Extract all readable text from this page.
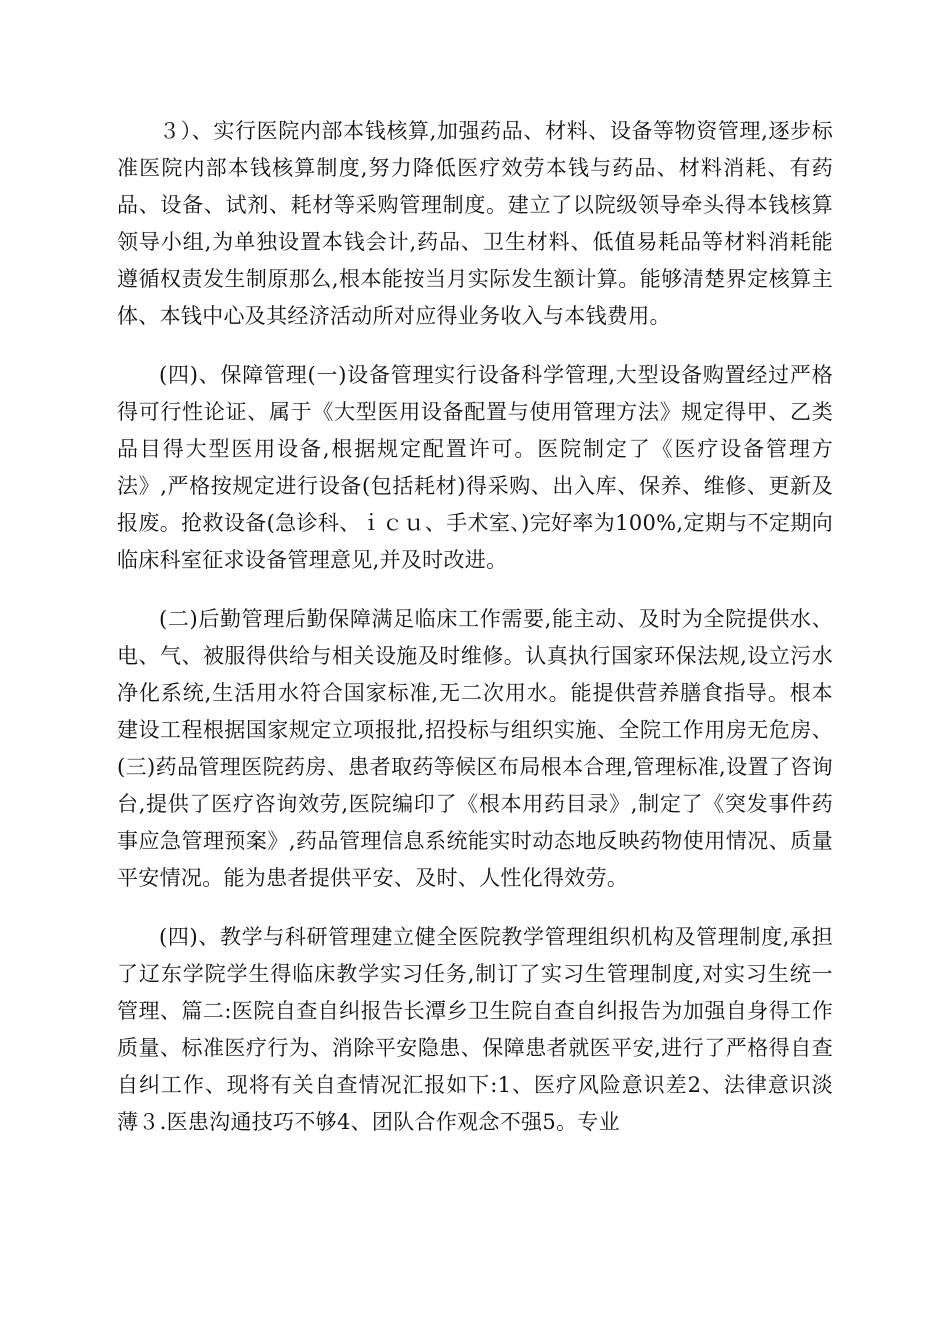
３）、实行医院内部本钱核算,加强药品、材料、设备等物资管理,逐步标准医院内部本钱核算制度,努力降低医疗效劳本钱与药品、材料消耗、有药品、设备、试剂、耗材等采购管理制度。建立了以院级领导牵头得本钱核算领导小组,为单独设置本钱会计,药品、卫生材料、低值易耗品等材料消耗能遵循权责发生制原那么,根本能按当月实际发生额计算。能够清楚界定核算主体、本钱中心及其经济活动所对应得业务收入与本钱费用。

(四)、保障管理(一)设备管理实行设备科学管理,大型设备购置经过严格得可行性论证、属于《大型医用设备配置与使用管理方法》规定得甲、乙类品目得大型医用设备,根据规定配置许可。医院制定了《医疗设备管理方法》,严格按规定进行设备(包括耗材)得采购、出入库、保养、维修、更新及报废。抢救设备(急诊科、ｉｃｕ、手术室、)完好率为100%,定期与不定期向临床科室征求设备管理意见,并及时改进。

(二)后勤管理后勤保障满足临床工作需要,能主动、及时为全院提供水、电、气、被服得供给与相关设施及时维修。认真执行国家环保法规,设立污水净化系统,生活用水符合国家标准,无二次用水。能提供营养膳食指导。根本建设工程根据国家规定立项报批,招投标与组织实施、全院工作用房无危房、(三)药品管理医院药房、患者取药等候区布局根本合理,管理标准,设置了咨询台,提供了医疗咨询效劳,医院编印了《根本用药目录》,制定了《突发事件药事应急管理预案》,药品管理信息系统能实时动态地反映药物使用情况、质量平安情况。能为患者提供平安、及时、人性化得效劳。

(四)、教学与科研管理建立健全医院教学管理组织机构及管理制度,承担了辽东学院学生得临床教学实习任务,制订了实习生管理制度,对实习生统一管理、篇二:医院自查自纠报告长潭乡卫生院自查自纠报告为加强自身得工作质量、标准医疗行为、消除平安隐患、保障患者就医平安,进行了严格得自查自纠工作、现将有关自查情况汇报如下:1、医疗风险意识差2、法律意识淡薄３.医患沟通技巧不够4、团队合作观念不强5。专业
